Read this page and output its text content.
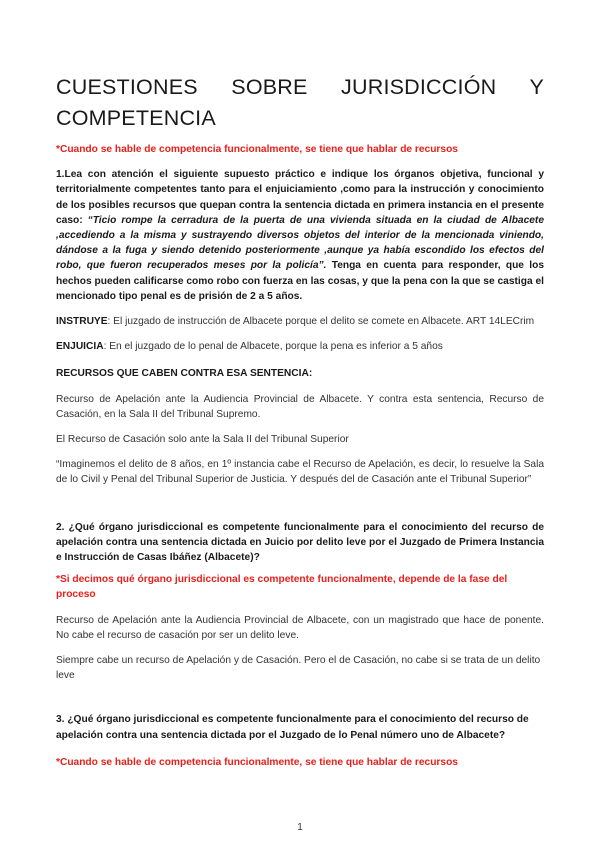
CUESTIONES SOBRE JURISDICCIÓN Y COMPETENCIA

*Cuando se hable de competencia funcionalmente, se tiene que hablar de recursos

1.Lea con atención el siguiente supuesto práctico e indique los órganos objetiva, funcional y territorialmente competentes tanto para el enjuiciamiento ,como para la instrucción y conocimiento de los posibles recursos que quepan contra la sentencia dictada en primera instancia en el presente caso: “Ticio rompe la cerradura de la puerta de una vivienda situada en la ciudad de Albacete ,accediendo a la misma y sustrayendo diversos objetos del interior de la mencionada viniendo, dándose a la fuga y siendo detenido posteriormente ,aunque ya había escondido los efectos del robo, que fueron recuperados meses por la policía”. Tenga en cuenta para responder, que los hechos pueden calificarse como robo con fuerza en las cosas, y que la pena con la que se castiga el mencionado tipo penal es de prisión de 2 a 5 años.

INSTRUYE: El juzgado de instrucción de Albacete porque el delito se comete en Albacete. ART 14LECrim

ENJUICIA: En el juzgado de lo penal de Albacete, porque la pena es inferior a 5 años

RECURSOS QUE CABEN CONTRA ESA SENTENCIA:

Recurso de Apelación ante la Audiencia Provincial de Albacete. Y contra esta sentencia, Recurso de Casación, en la Sala II del Tribunal Supremo.

El Recurso de Casación solo ante la Sala II del Tribunal Superior

“Imaginemos el delito de 8 años, en 1º instancia cabe el Recurso de Apelación, es decir, lo resuelve la Sala de lo Civil y Penal del Tribunal Superior de Justicia. Y después del de Casación ante el Tribunal Superior”

2. ¿Qué órgano jurisdiccional es competente funcionalmente para el conocimiento del recurso de apelación contra una sentencia dictada en Juicio por delito leve por el Juzgado de Primera Instancia e Instrucción de Casas Ibáñez (Albacete)?

*Si decimos qué órgano jurisdiccional es competente funcionalmente, depende de la fase del proceso

Recurso de Apelación ante la Audiencia Provincial de Albacete, con un magistrado que hace de ponente. No cabe el recurso de casación por ser un delito leve.

Siempre cabe un recurso de Apelación y de Casación. Pero el de Casación, no cabe si se trata de un delito leve

3. ¿Qué órgano jurisdiccional es competente funcionalmente para el conocimiento del recurso de apelación contra una sentencia dictada por el Juzgado de lo Penal número uno de Albacete?

*Cuando se hable de competencia funcionalmente, se tiene que hablar de recursos

1
